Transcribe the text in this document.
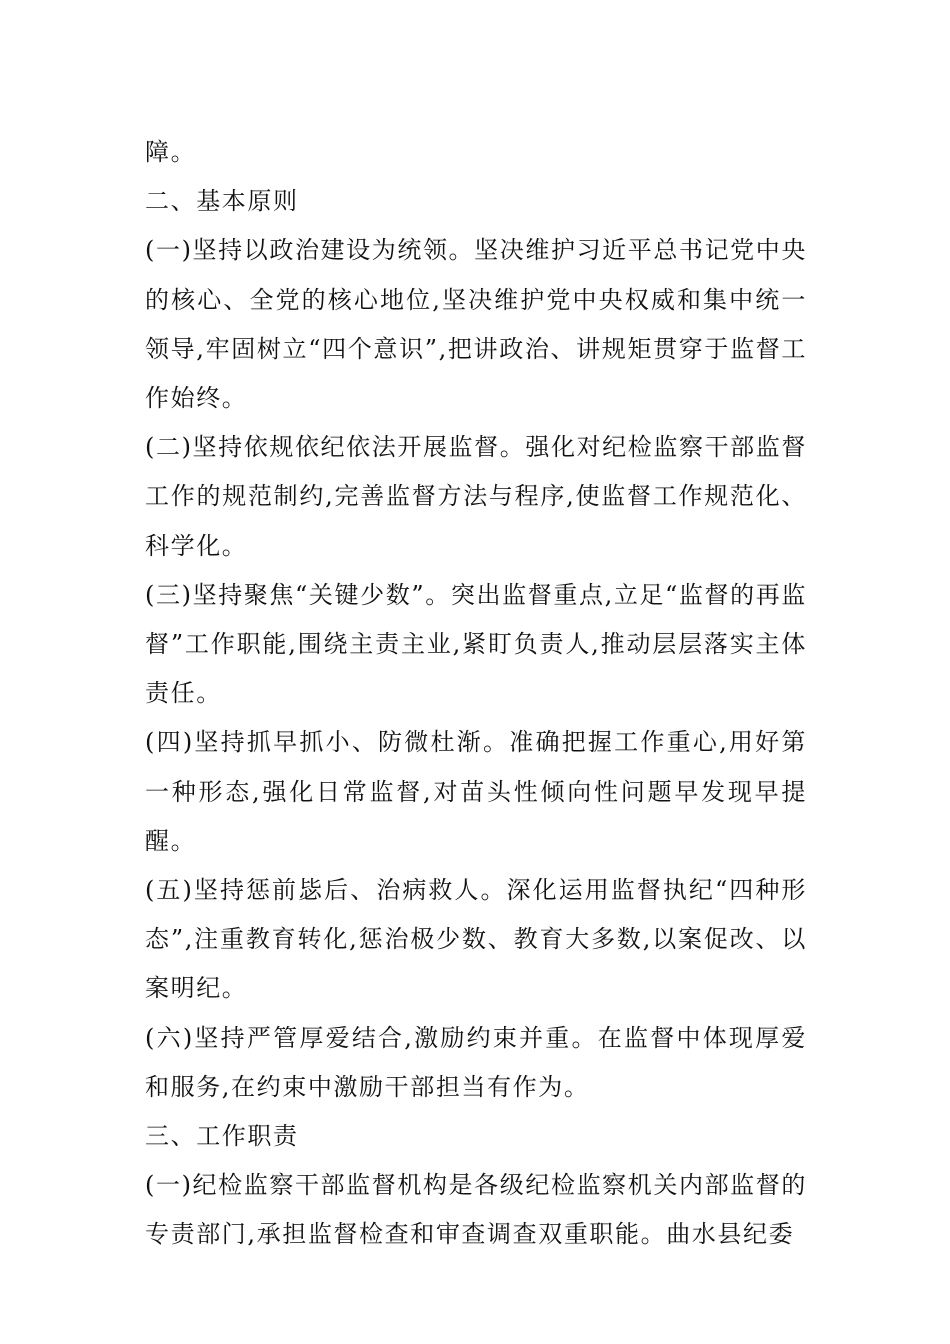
障。

二、基本原则

(一)坚持以政治建设为统领。坚决维护习近平总书记党中央的核心、全党的核心地位,坚决维护党中央权威和集中统一领导,牢固树立“四个意识”,把讲政治、讲规矩贯穿于监督工作始终。

(二)坚持依规依纪依法开展监督。强化对纪检监察干部监督工作的规范制约,完善监督方法与程序,使监督工作规范化、科学化。

(三)坚持聚焦“关键少数”。突出监督重点,立足“监督的再监督”工作职能,围绕主责主业,紧盯负责人,推动层层落实主体责任。

(四)坚持抓早抓小、防微杜渐。准确把握工作重心,用好第一种形态,强化日常监督,对苗头性倾向性问题早发现早提醒。

(五)坚持惩前毖后、治病救人。深化运用监督执纪“四种形态”,注重教育转化,惩治极少数、教育大多数,以案促改、以案明纪。

(六)坚持严管厚爱结合,激励约束并重。在监督中体现厚爱和服务,在约束中激励干部担当有作为。

三、工作职责

(一)纪检监察干部监督机构是各级纪检监察机关内部监督的专责部门,承担监督检查和审查调查双重职能。曲水县纪委
